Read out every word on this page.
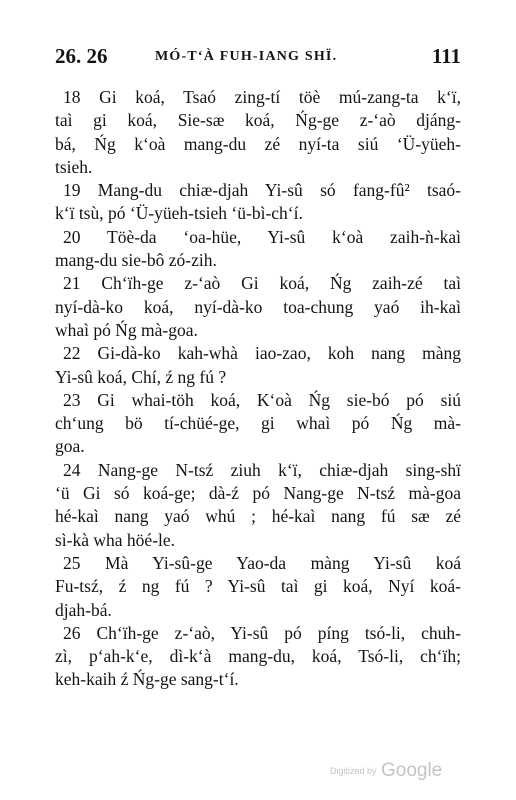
26. 26	MÓ-T‘À FUH-IANG SHÏ.	111
18 Gi koá, Tsaó zing-tí töè mú-zang-ta k‘ï,
taì gi koá, Sie-sæ koá, Ńg-ge z-‘aò djáng-
bá, Ńg k‘oà mang-du zé nyí-ta siú ‘Ü-yüeh-
tsieh.
19 Mang-du chiæ-djah Yi-sû só fang-fû² tsaó-
k‘ï tsù, pó ‘Ü-yüeh-tsieh ‘ü-bì-ch‘í.
20 Töè-da ‘oa-hüe, Yi-sû k‘oà zaih-ǹ-kaì
mang-du sie-bô zó-zih.
21 Ch‘ïh-ge z-‘aò Gi koá, Ńg zaih-zé taì
nyí-dà-ko koá, nyí-dà-ko toa-chung yaó ih-kaì
whaì pó Ńg mà-goa.
22 Gi-dà-ko kah-whà iao-zao, koh nang màng
Yi-sû koá, Chí, ź ng fú ?
23 Gi whai-töh koá, K‘oà Ńg sie-bó pó siú
ch‘ung bö tí-chüé-ge, gi whaì pó Ńg mà-
goa.
24 Nang-ge N-tsź ziuh k‘ï, chiæ-djah sing-shï
‘ü Gi só koá-ge; dà-ź pó Nang-ge N-tsź mà-goa
hé-kaì nang yaó whú ; hé-kaì nang fú sæ zé
sì-kà wha höé-le.
25 Mà Yi-sû-ge Yao-da màng Yi-sû koá
Fu-tsź, ź ng fú ? Yi-sû taì gi koá, Nyí koá-
djah-bá.
26 Ch‘ïh-ge z-‘aò, Yi-sû pó píng tsó-li, chuh-
zì, p‘ah-k‘e, dì-k‘à mang-du, koá, Tsó-li, ch‘ïh;
keh-kaih ź Ńg-ge sang-t‘í.
Digitized by Google
